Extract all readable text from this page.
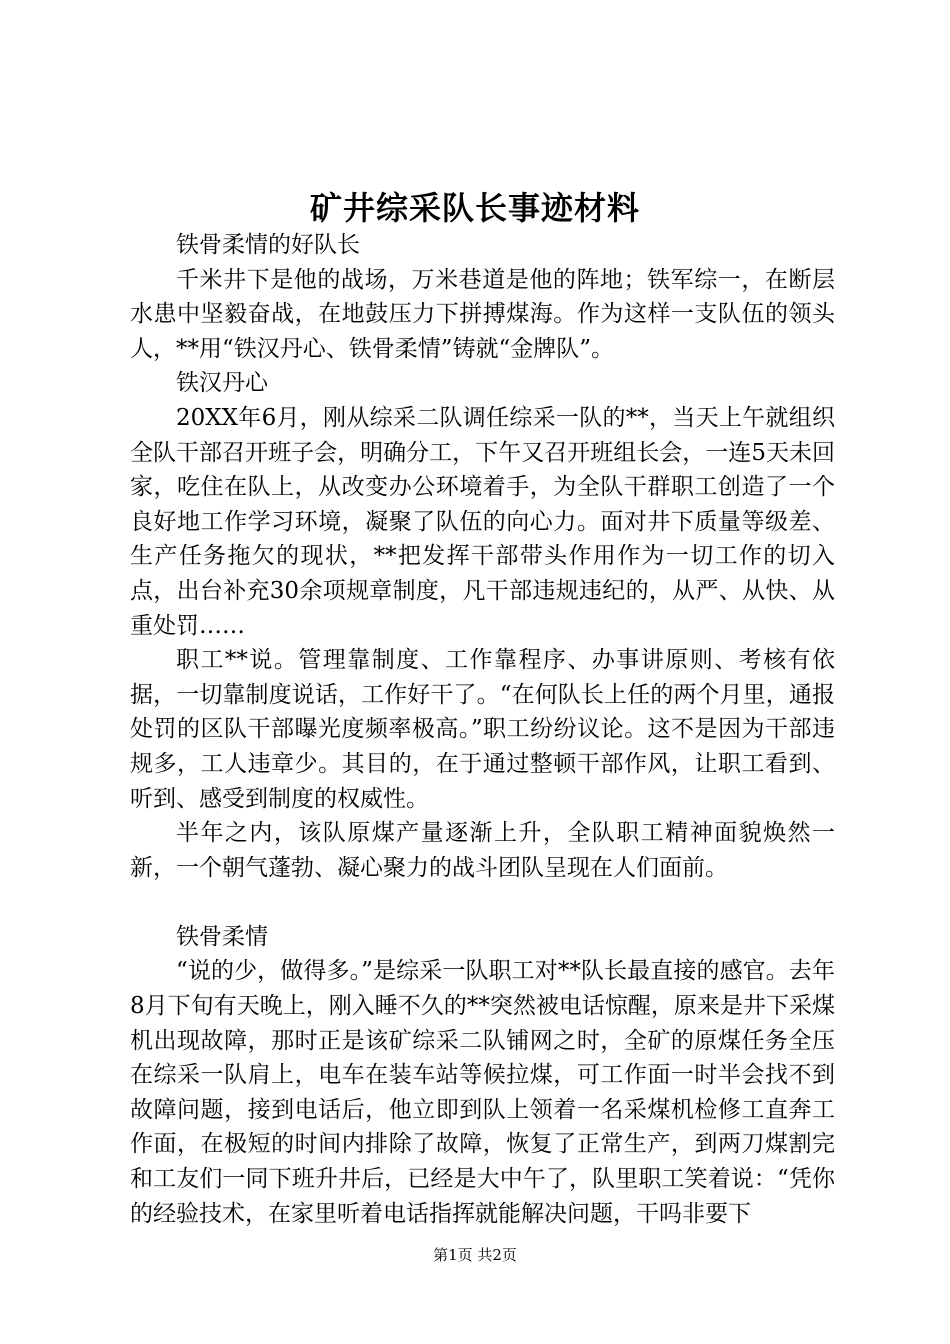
矿井综采队长事迹材料

铁骨柔情的好队长

千米井下是他的战场，万米巷道是他的阵地；铁军综一，在断层水患中坚毅奋战，在地鼓压力下拼搏煤海。作为这样一支队伍的领头人，**用“铁汉丹心、铁骨柔情”铸就“金牌队”。

铁汉丹心

20XX年6月，刚从综采二队调任综采一队的**，当天上午就组织全队干部召开班子会，明确分工，下午又召开班组长会，一连5天未回家，吃住在队上，从改变办公环境着手，为全队干群职工创造了一个良好地工作学习环境，凝聚了队伍的向心力。面对井下质量等级差、生产任务拖欠的现状，**把发挥干部带头作用作为一切工作的切入点，出台补充30余项规章制度，凡干部违规违纪的，从严、从快、从重处罚……

职工**说。管理靠制度、工作靠程序、办事讲原则、考核有依据，一切靠制度说话，工作好干了。“在何队长上任的两个月里，通报处罚的区队干部曝光度频率极高。”职工纷纷议论。这不是因为干部违规多，工人违章少。其目的，在于通过整顿干部作风，让职工看到、听到、感受到制度的权威性。

半年之内，该队原煤产量逐渐上升，全队职工精神面貌焕然一新，一个朝气蓬勃、凝心聚力的战斗团队呈现在人们面前。

铁骨柔情

“说的少，做得多。”是综采一队职工对**队长最直接的感官。去年8月下旬有天晚上，刚入睡不久的**突然被电话惊醒，原来是井下采煤机出现故障，那时正是该矿综采二队铺网之时，全矿的原煤任务全压在综采一队肩上，电车在装车站等候拉煤，可工作面一时半会找不到故障问题，接到电话后，他立即到队上领着一名采煤机检修工直奔工作面，在极短的时间内排除了故障，恢复了正常生产，到两刀煤割完和工友们一同下班升井后，已经是大中午了，队里职工笑着说：“凭你的经验技术，在家里听着电话指挥就能解决问题，干吗非要下

第1页 共2页
